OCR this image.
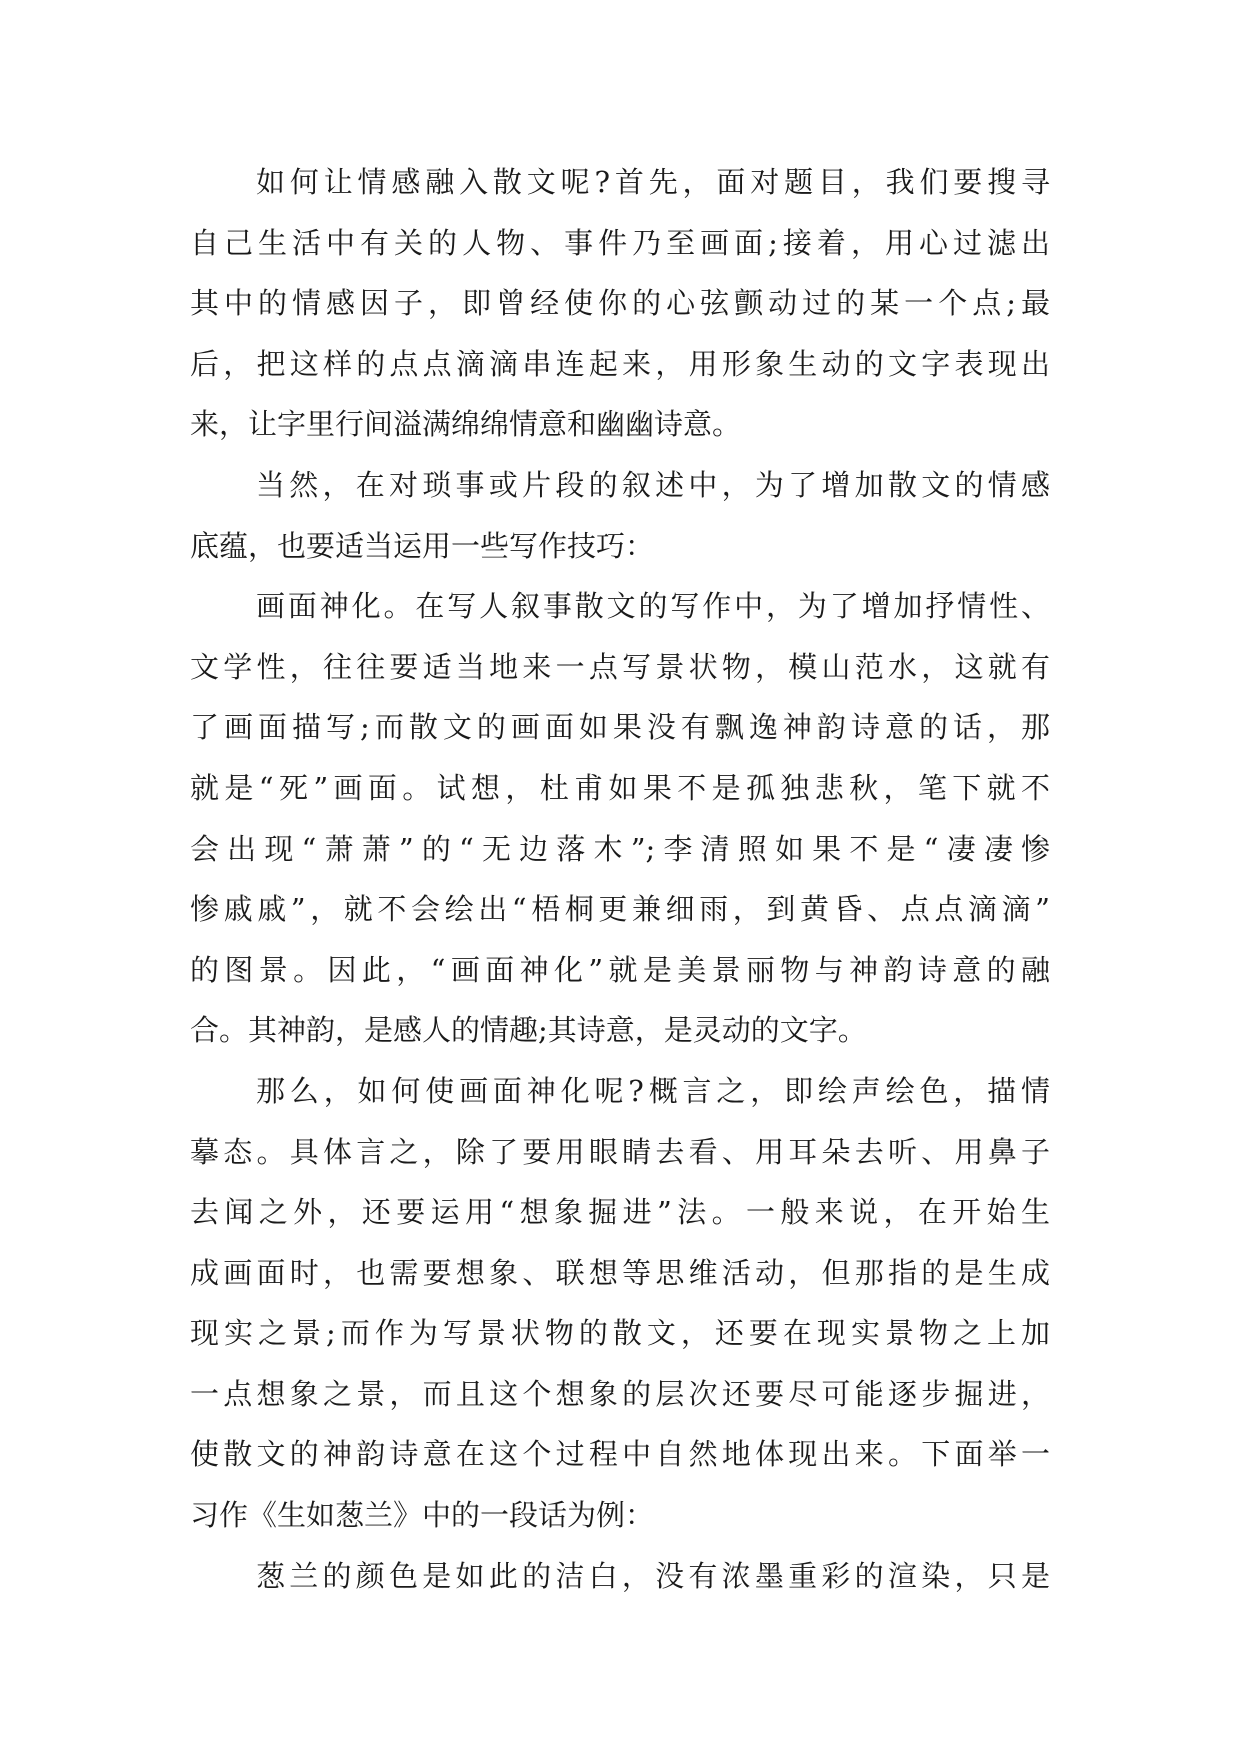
如何让情感融入散文呢?首先，面对题目，我们要搜寻
自己生活中有关的人物、事件乃至画面;接着，用心过滤出
其中的情感因子，即曾经使你的心弦颤动过的某一个点;最
后，把这样的点点滴滴串连起来，用形象生动的文字表现出
来，让字里行间溢满绵绵情意和幽幽诗意。
当然，在对琐事或片段的叙述中，为了增加散文的情感
底蕴，也要适当运用一些写作技巧：
画面神化。在写人叙事散文的写作中，为了增加抒情性、
文学性，往往要适当地来一点写景状物，模山范水，这就有
了画面描写;而散文的画面如果没有飘逸神韵诗意的话，那
就是“死”画面。试想，杜甫如果不是孤独悲秋，笔下就不
会出现“萧萧”的“无边落木”;李清照如果不是“凄凄惨
惨戚戚”，就不会绘出“梧桐更兼细雨，到黄昏、点点滴滴”
的图景。因此，“画面神化”就是美景丽物与神韵诗意的融
合。其神韵，是感人的情趣;其诗意，是灵动的文字。
那么，如何使画面神化呢?概言之，即绘声绘色，描情
摹态。具体言之，除了要用眼睛去看、用耳朵去听、用鼻子
去闻之外，还要运用“想象掘进”法。一般来说，在开始生
成画面时，也需要想象、联想等思维活动，但那指的是生成
现实之景;而作为写景状物的散文，还要在现实景物之上加
一点想象之景，而且这个想象的层次还要尽可能逐步掘进，
使散文的神韵诗意在这个过程中自然地体现出来。下面举一
习作《生如葱兰》中的一段话为例：
葱兰的颜色是如此的洁白，没有浓墨重彩的渲染，只是
